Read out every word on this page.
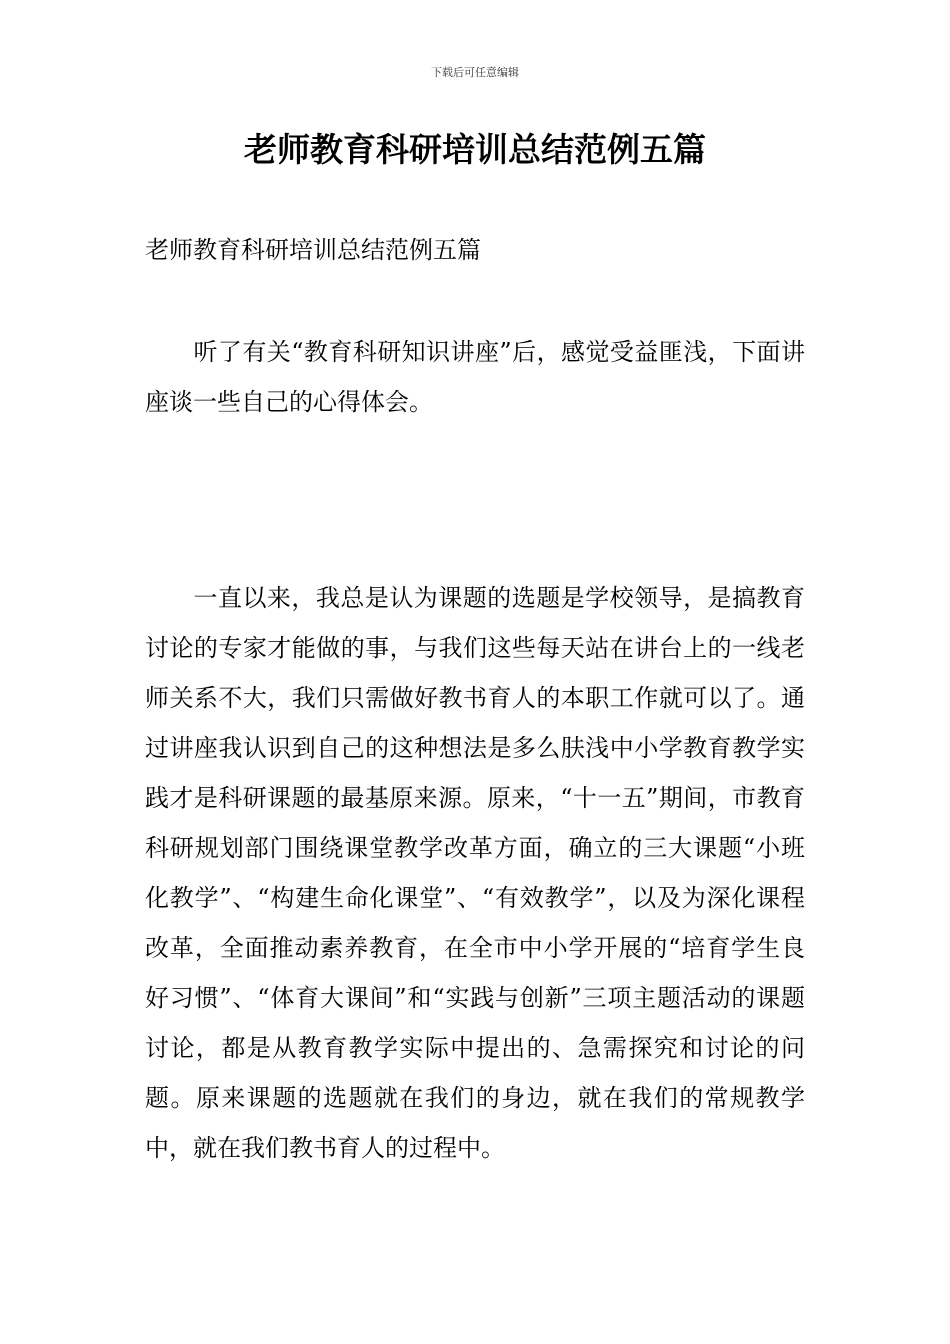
下载后可任意编辑
老师教育科研培训总结范例五篇
老师教育科研培训总结范例五篇

听了有关“教育科研知识讲座”后，感觉受益匪浅，下面讲座谈一些自己的心得体会。

一直以来，我总是认为课题的选题是学校领导，是搞教育讨论的专家才能做的事，与我们这些每天站在讲台上的一线老师关系不大，我们只需做好教书育人的本职工作就可以了。通过讲座我认识到自己的这种想法是多么肤浅中小学教育教学实践才是科研课题的最基原来源。原来，“十一五”期间，市教育科研规划部门围绕课堂教学改革方面，确立的三大课题“小班化教学”、“构建生命化课堂”、“有效教学”，以及为深化课程改革，全面推动素养教育，在全市中小学开展的“培育学生良好习惯”、“体育大课间”和“实践与创新”三项主题活动的课题讨论，都是从教育教学实际中提出的、急需探究和讨论的问题。原来课题的选题就在我们的身边，就在我们的常规教学中，就在我们教书育人的过程中。
